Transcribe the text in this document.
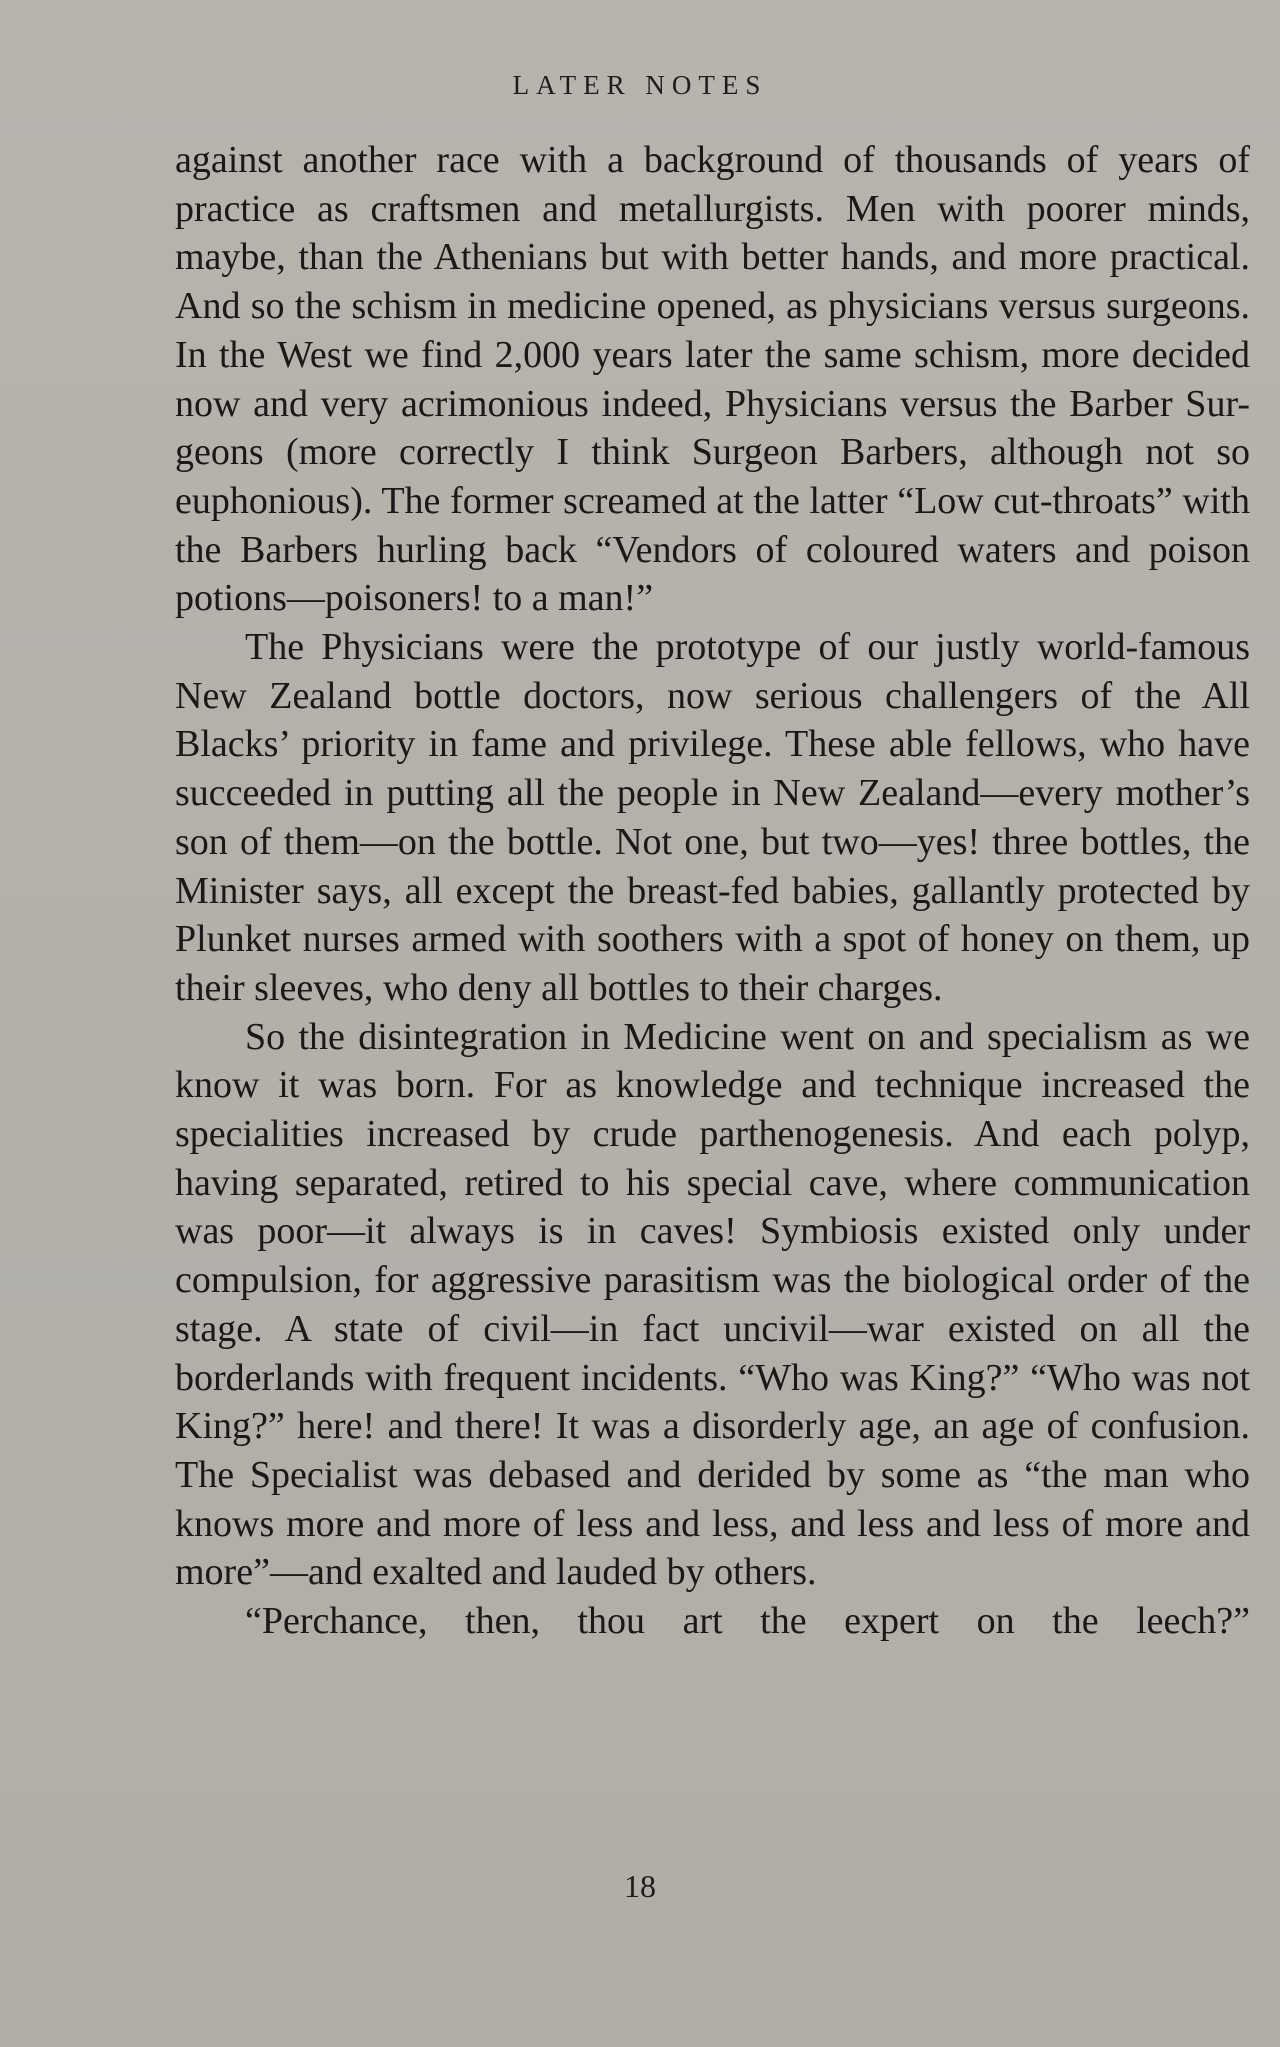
LATER NOTES

against another race with a background of thousands of years of practice as craftsmen and metallurgists. Men with poorer minds, maybe, than the Athenians but with better hands, and more practical. And so the schism in medicine opened, as physicians versus surgeons. In the West we find 2,000 years later the same schism, more decided now and very acrimonious indeed, Physicians versus the Barber Sur-geons (more correctly I think Surgeon Barbers, although not so euphonious). The former screamed at the latter “Low cut-throats” with the Barbers hurling back “Vendors of coloured waters and poison potions—poisoners! to a man!”

The Physicians were the prototype of our justly world-famous New Zealand bottle doctors, now serious challengers of the All Blacks’ priority in fame and privilege. These able fellows, who have succeeded in putting all the people in New Zealand—every mother’s son of them—on the bottle. Not one, but two—yes! three bottles, the Minister says, all except the breast-fed babies, gallantly protected by Plunket nurses armed with soothers with a spot of honey on them, up their sleeves, who deny all bottles to their charges.

So the disintegration in Medicine went on and specialism as we know it was born. For as knowledge and technique increased the specialities increased by crude parthenogenesis. And each polyp, having separated, retired to his special cave, where communication was poor—it always is in caves! Symbiosis existed only under compulsion, for aggressive parasitism was the biological order of the stage. A state of civil—in fact uncivil—war existed on all the borderlands with frequent incidents. “Who was King?” “Who was not King?” here! and there! It was a disorderly age, an age of confusion. The Specialist was debased and derided by some as “the man who knows more and more of less and less, and less and less of more and more”—and exalted and lauded by others.

“Perchance, then, thou art the expert on the leech?”

18
